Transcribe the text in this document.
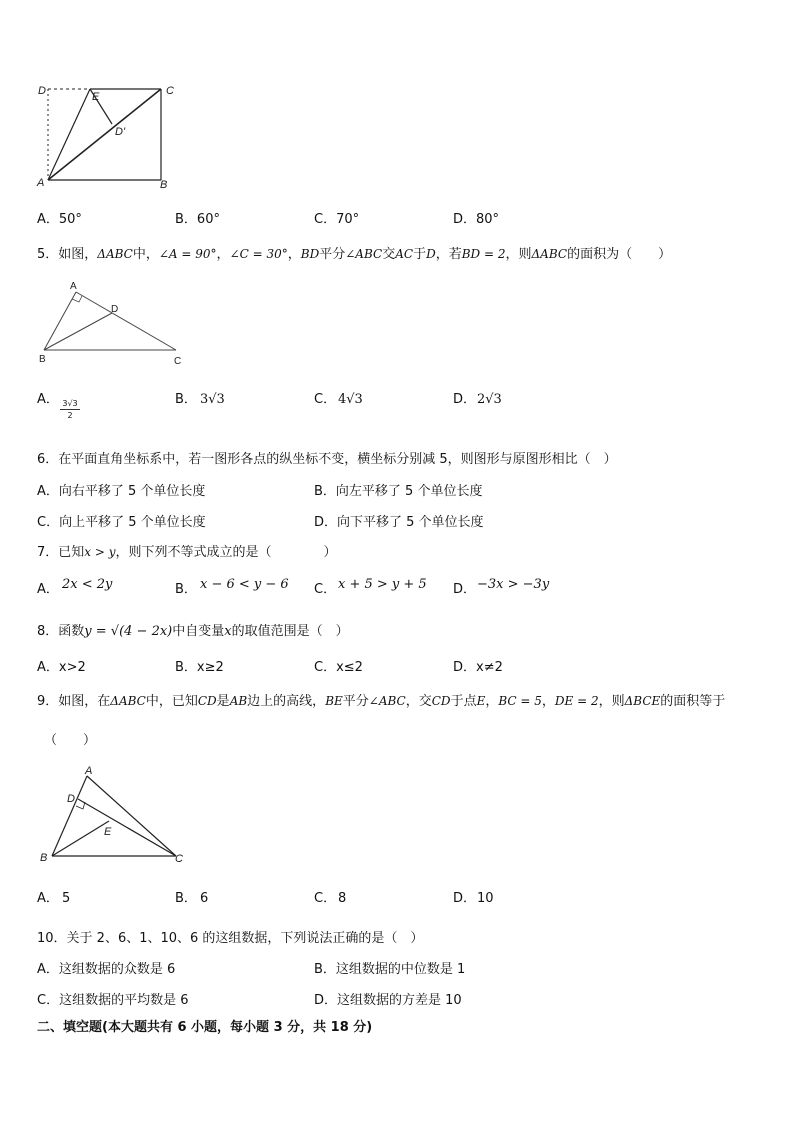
D	E	C
D'
A	B
A．50°	B．60°	C．70°	D．80°
5．如图，ΔABC中，∠A = 90°，∠C = 30°，BD平分∠ABC交AC于D，若BD = 2，则ΔABC的面积为（　　）
A
D
B	C
A． $\frac{3√3}{2}$	B． 3√3	C． 4√3	D． 2√3
6．在平面直角坐标系中，若一图形各点的纵坐标不变，横坐标分别减 5，则图形与原图形相比（　）
A．向右平移了 5 个单位长度	B．向左平移了 5 个单位长度
C．向上平移了 5 个单位长度	D．向下平移了 5 个单位长度
7．已知x > y，则下列不等式成立的是（　　　　）
A． 2x < 2y	B． x − 6 < y − 6 C． x + 5 > y + 5 D． −3x > −3y
8．函数y = √(4 − 2x)中自变量x的取值范围是（　）
A．x>2	B．x≥2	C．x≤2	D．x≠2
9．如图，在ΔABC中，已知CD是AB边上的高线，BE平分∠ABC，交CD于点E，BC = 5，DE = 2，则ΔBCE的面积等于
（　　）
A
D
E
B	C
A． 5	B． 6	C． 8	D． 10
10．关于 2、6、1、10、6 的这组数据，下列说法正确的是（　）
A．这组数据的众数是 6	B．这组数据的中位数是 1
C．这组数据的平均数是 6	D．这组数据的方差是 10
二、填空题(本大题共有 6 小题，每小题 3 分，共 18 分)
